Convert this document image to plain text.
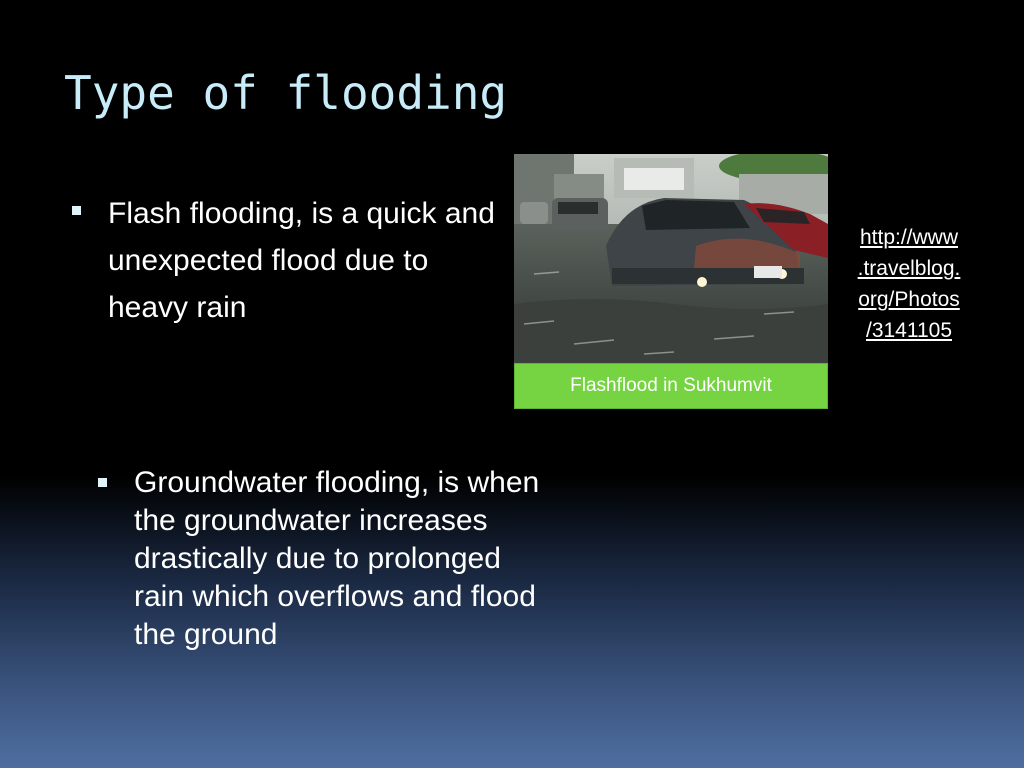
Type of flooding
Flash flooding, is a quick and unexpected flood due to heavy rain
Flashflood in Sukhumvit
http://www
.travelblog.
org/Photos
/3141105
Groundwater flooding, is when the groundwater increases drastically due to prolonged rain which overflows and flood the ground
